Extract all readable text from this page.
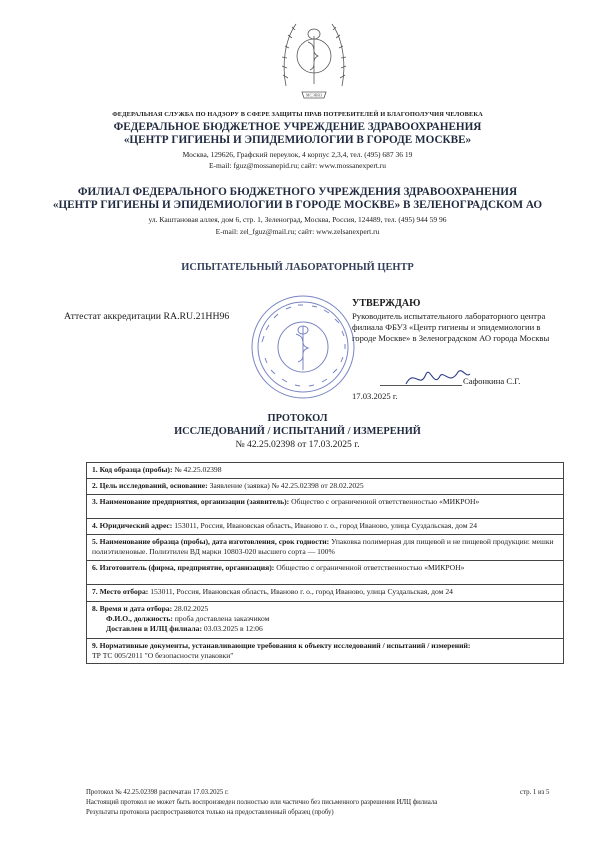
МСЭВВЗ
ФЕДЕРАЛЬНАЯ СЛУЖБА ПО НАДЗОРУ В СФЕРЕ ЗАЩИТЫ ПРАВ ПОТРЕБИТЕЛЕЙ И БЛАГОПОЛУЧИЯ ЧЕЛОВЕКА
ФЕДЕРАЛЬНОЕ БЮДЖЕТНОЕ УЧРЕЖДЕНИЕ ЗДРАВООХРАНЕНИЯ
«ЦЕНТР ГИГИЕНЫ И ЭПИДЕМИОЛОГИИ В ГОРОДЕ МОСКВЕ»
Москва, 129626, Графский переулок, 4 корпус 2,3,4, тел. (495) 687 36 19
E-mail: fguz@mossanepid.ru; сайт: www.mossanexpert.ru
ФИЛИАЛ ФЕДЕРАЛЬНОГО БЮДЖЕТНОГО УЧРЕЖДЕНИЯ ЗДРАВООХРАНЕНИЯ
«ЦЕНТР ГИГИЕНЫ И ЭПИДЕМИОЛОГИИ В ГОРОДЕ МОСКВЕ» В ЗЕЛЕНОГРАДСКОМ АО
ул. Каштановая аллея, дом 6, стр. 1, Зеленоград, Москва, Россия, 124489, тел. (495) 944 59 96
E-mail: zel_fguz@mail.ru; сайт: www.zelsanexpert.ru
ИСПЫТАТЕЛЬНЫЙ ЛАБОРАТОРНЫЙ ЦЕНТР
Аттестат аккредитации RA.RU.21НН96
УТВЕРЖДАЮ
Руководитель испытательного лабораторного центра филиала ФБУЗ «Центр гигиены и эпидемиологии в городе Москве» в Зеленоградском АО города Москвы
Сафонкина С.Г.
17.03.2025 г.
ПРОТОКОЛ
ИССЛЕДОВАНИЙ / ИСПЫТАНИЙ / ИЗМЕРЕНИЙ
№ 42.25.02398 от 17.03.2025 г.
1. Код образца (пробы): № 42.25.02398
2. Цель исследований, основание: Заявление (заявка) № 42.25.02398 от 28.02.2025
3. Наименование предприятия, организации (заявитель): Общество с ограниченной ответственностью «МИКРОН»
4. Юридический адрес: 153011, Россия, Ивановская область, Иваново г. о., город Иваново, улица Суздальская, дом 24
5. Наименование образца (пробы), дата изготовления, срок годности: Упаковка полимерная для пищевой и не пищевой продукции: мешки полиэтиленовые. Полиэтилен ВД марки 10803-020 высшего сорта — 100%
6. Изготовитель (фирма, предприятие, организация): Общество с ограниченной ответственностью «МИКРОН»
7. Место отбора: 153011, Россия, Ивановская область, Иваново г. о., город Иваново, улица Суздальская, дом 24
8. Время и дата отбора: 28.02.2025
Ф.И.О., должность: проба доставлена заказчиком
Доставлен в ИЛЦ филиала: 03.03.2025 в 12:06
9. Нормативные документы, устанавливающие требования к объекту исследований / испытаний / измерений:
ТР ТС 005/2011 "О безопасности упаковки"
Протокол № 42.25.02398 распечатан 17.03.2025 г.	стр. 1 из 5
Настоящий протокол не может быть воспроизведен полностью или частично без письменного разрешения ИЛЦ филиала
Результаты протокола распространяются только на предоставленный образец (пробу)
